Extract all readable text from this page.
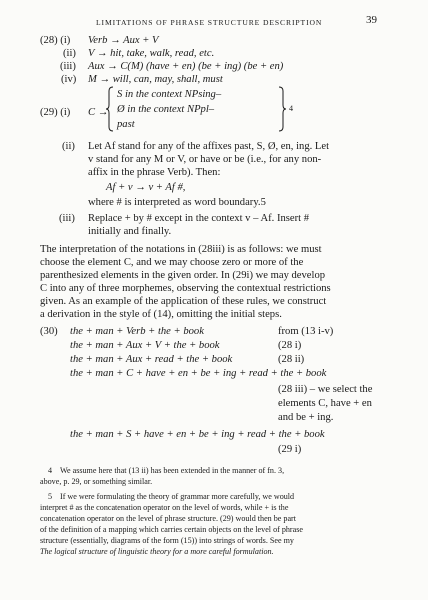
LIMITATIONS OF PHRASE STRUCTURE DESCRIPTION	39
(28) (i) Verb → Aux + V
(ii) V → hit, take, walk, read, etc.
(iii) Aux → C(M) (have + en) (be + ing) (be + en)
(iv) M → will, can, may, shall, must
(29) (i) C →
S in the context NPsing–
Ø in the context NPpl–
past
4
(ii) Let Af stand for any of the affixes past, S, Ø, en, ing. Let
v stand for any M or V, or have or be (i.e., for any non-
affix in the phrase Verb). Then:
Af + v → v + Af #,
where # is interpreted as word boundary.5
(iii) Replace + by # except in the context v – Af. Insert #
initially and finally.
The interpretation of the notations in (28iii) is as follows: we must
choose the element C, and we may choose zero or more of the
parenthesized elements in the given order. In (29i) we may develop
C into any of three morphemes, observing the contextual restrictions
given. As an example of the application of these rules, we construct
a derivation in the style of (14), omitting the initial steps.
(30) the + man + Verb + the + book	from (13 i-v)
the + man + Aux + V + the + book	(28 i)
the + man + Aux + read + the + book	(28 ii)
the + man + C + have + en + be + ing + read + the + book
(28 iii) – we select the
elements C, have + en
and be + ing.
the + man + S + have + en + be + ing + read + the + book
(29 i)
4 We assume here that (13 ii) has been extended in the manner of fn. 3,
above, p. 29, or something similar.
5 If we were formulating the theory of grammar more carefully, we would
interpret # as the concatenation operator on the level of words, while + is the
concatenation operator on the level of phrase structure. (29) would then be part
of the definition of a mapping which carries certain objects on the level of phrase
structure (essentially, diagrams of the form (15)) into strings of words. See my
The logical structure of linguistic theory for a more careful formulation.
